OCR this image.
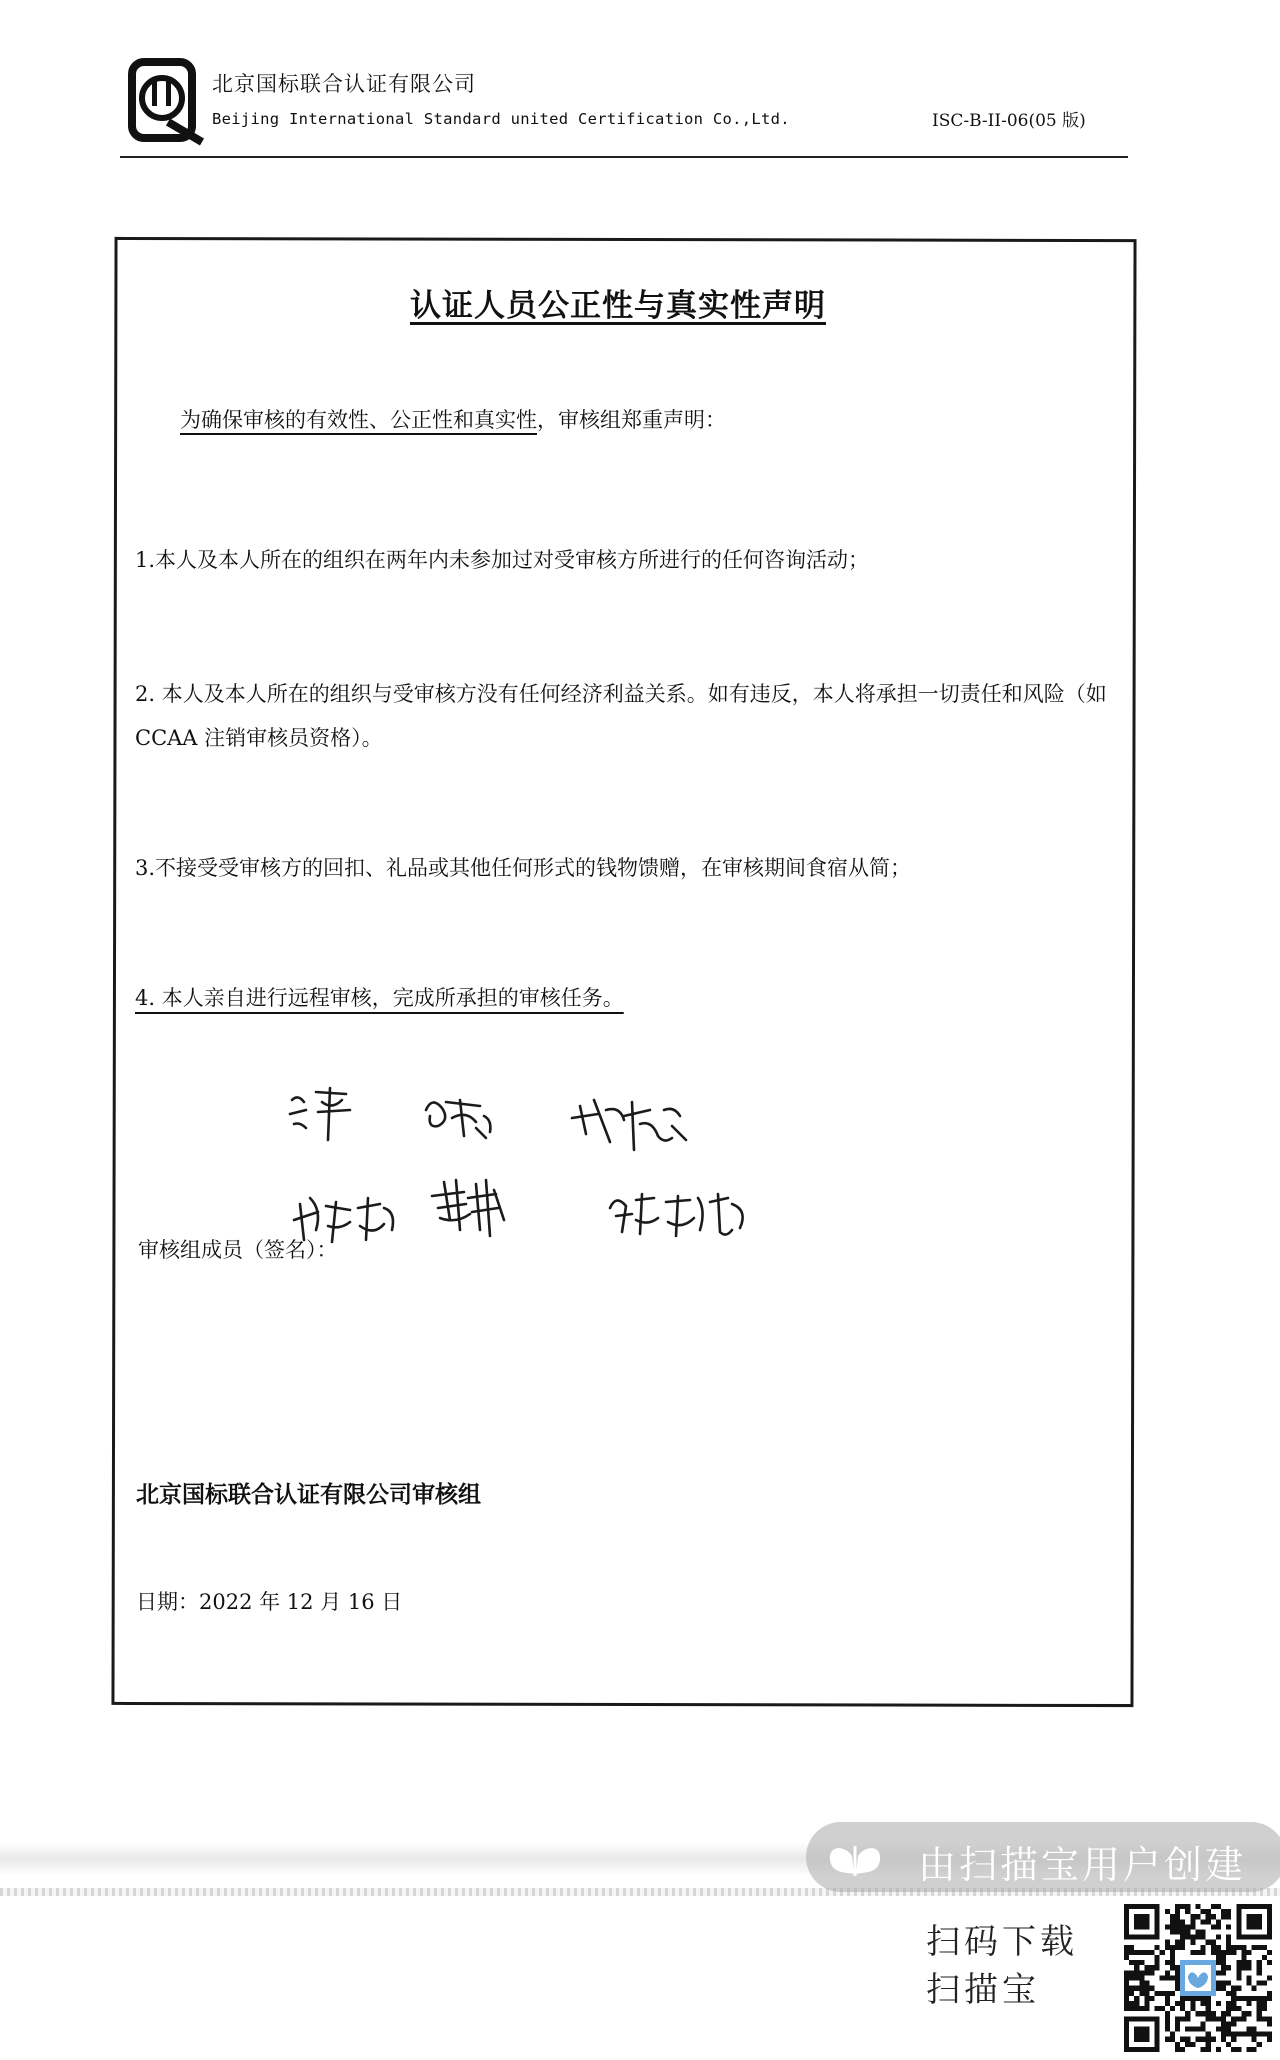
北京国标联合认证有限公司
Beijing International Standard united Certification Co.,Ltd.	ISC-B-II-06(05 版)
认证人员公正性与真实性声明
为确保审核的有效性、公正性和真实性，审核组郑重声明：
1.本人及本人所在的组织在两年内未参加过对受审核方所进行的任何咨询活动；
2. 本人及本人所在的组织与受审核方没有任何经济利益关系。如有违反，本人将承担一切责任和风险（如 CCAA 注销审核员资格）。
3.不接受受审核方的回扣、礼品或其他任何形式的钱物馈赠，在审核期间食宿从简；
4. 本人亲自进行远程审核，完成所承担的审核任务。
审核组成员（签名）：
北京国标联合认证有限公司审核组
日期：2022 年 12 月 16 日
由扫描宝用户创建
扫码下载
扫描宝
